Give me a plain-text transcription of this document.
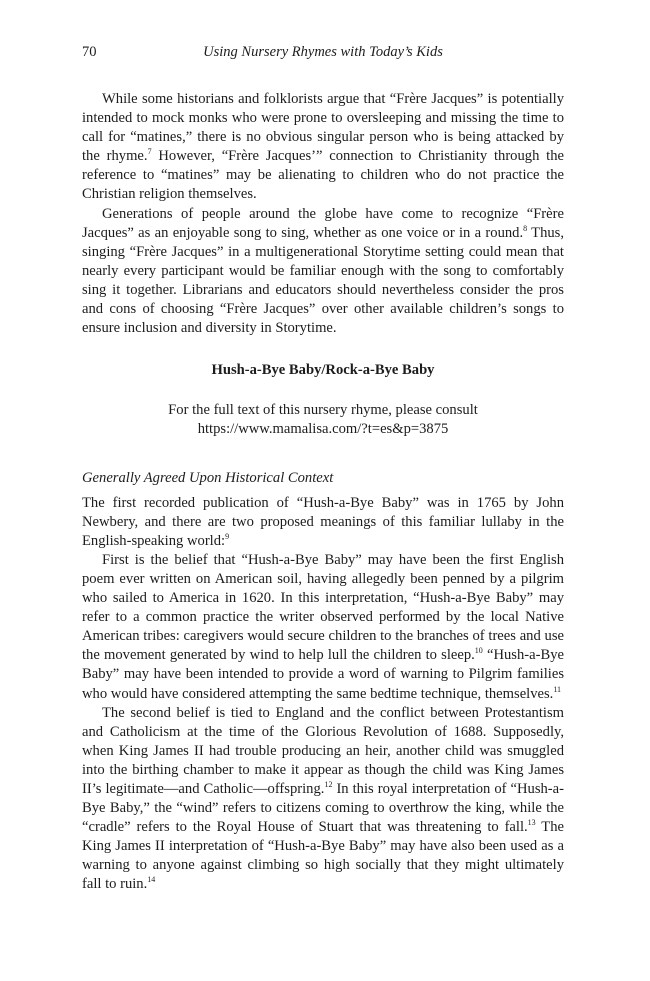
70	Using Nursery Rhymes with Today’s Kids

While some historians and folklorists argue that “Frère Jacques” is potentially intended to mock monks who were prone to oversleeping and missing the time to call for “matines,” there is no obvious singular person who is being attacked by the rhyme.$^7$ However, “Frère Jacques’” connection to Christianity through the reference to “matines” may be alienating to children who do not practice the Christian religion themselves.

Generations of people around the globe have come to recognize “Frère Jacques” as an enjoyable song to sing, whether as one voice or in a round.$^8$ Thus, singing “Frère Jacques” in a multigenerational Storytime setting could mean that nearly every participant would be familiar enough with the song to comfortably sing it together. Librarians and educators should nevertheless consider the pros and cons of choosing “Frère Jacques” over other available children’s songs to ensure inclusion and diversity in Storytime.

Hush-a-Bye Baby/Rock-a-Bye Baby
For the full text of this nursery rhyme, please consult
https://www.mamalisa.com/?t=es&p=3875
Generally Agreed Upon Historical Context

The first recorded publication of “Hush-a-Bye Baby” was in 1765 by John Newbery, and there are two proposed meanings of this familiar lullaby in the English-speaking world:$^9$

First is the belief that “Hush-a-Bye Baby” may have been the first English poem ever written on American soil, having allegedly been penned by a pilgrim who sailed to America in 1620. In this interpretation, “Hush-a-Bye Baby” may refer to a common practice the writer observed performed by the local Native American tribes: caregivers would secure children to the branches of trees and use the movement generated by wind to help lull the children to sleep.$^{10}$ “Hush-a-Bye Baby” may have been intended to provide a word of warning to Pilgrim families who would have considered attempting the same bedtime technique, themselves.$^{11}$

The second belief is tied to England and the conflict between Protestantism and Catholicism at the time of the Glorious Revolution of 1688. Supposedly, when King James II had trouble producing an heir, another child was smuggled into the birthing chamber to make it appear as though the child was King James II’s legitimate—and Catholic—offspring.$^{12}$ In this royal interpretation of “Hush-a-Bye Baby,” the “wind” refers to citizens coming to overthrow the king, while the “cradle” refers to the Royal House of Stuart that was threatening to fall.$^{13}$ The King James II interpretation of “Hush-a-Bye Baby” may have also been used as a warning to anyone against climbing so high socially that they might ultimately fall to ruin.$^{14}$
